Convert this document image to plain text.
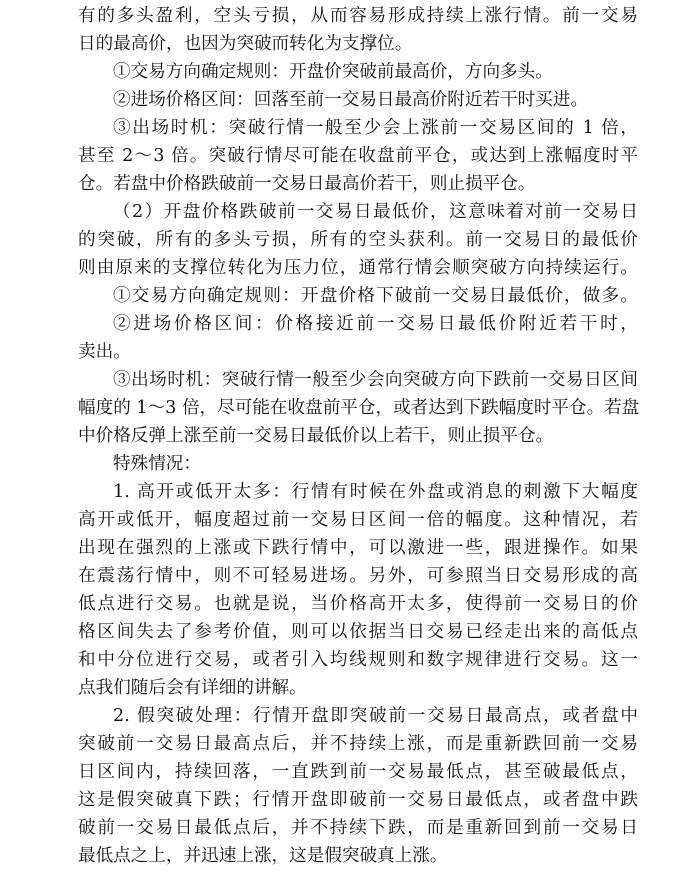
有的多头盈利，空头亏损，从而容易形成持续上涨行情。前一交易
日的最高价，也因为突破而转化为支撑位。
①交易方向确定规则：开盘价突破前最高价，方向多头。
②进场价格区间：回落至前一交易日最高价附近若干时买进。
③出场时机：突破行情一般至少会上涨前一交易区间的 1 倍，
甚至 2～3 倍。突破行情尽可能在收盘前平仓，或达到上涨幅度时平
仓。若盘中价格跌破前一交易日最高价若干，则止损平仓。
（2）开盘价格跌破前一交易日最低价，这意味着对前一交易日
的突破，所有的多头亏损，所有的空头获利。前一交易日的最低价
则由原来的支撑位转化为压力位，通常行情会顺突破方向持续运行。
①交易方向确定规则：开盘价格下破前一交易日最低价，做多。
②进场价格区间：价格接近前一交易日最低价附近若干时，
卖出。
③出场时机：突破行情一般至少会向突破方向下跌前一交易日区间
幅度的 1～3 倍，尽可能在收盘前平仓，或者达到下跌幅度时平仓。若盘
中价格反弹上涨至前一交易日最低价以上若干，则止损平仓。
特殊情况：
1. 高开或低开太多：行情有时候在外盘或消息的刺激下大幅度
高开或低开，幅度超过前一交易日区间一倍的幅度。这种情况，若
出现在强烈的上涨或下跌行情中，可以激进一些，跟进操作。如果
在震荡行情中，则不可轻易进场。另外，可参照当日交易形成的高
低点进行交易。也就是说，当价格高开太多，使得前一交易日的价
格区间失去了参考价值，则可以依据当日交易已经走出来的高低点
和中分位进行交易，或者引入均线规则和数字规律进行交易。这一
点我们随后会有详细的讲解。
2. 假突破处理：行情开盘即突破前一交易日最高点，或者盘中
突破前一交易日最高点后，并不持续上涨，而是重新跌回前一交易
日区间内，持续回落，一直跌到前一交易最低点，甚至破最低点，
这是假突破真下跌；行情开盘即破前一交易日最低点，或者盘中跌
破前一交易日最低点后，并不持续下跌，而是重新回到前一交易日
最低点之上，并迅速上涨，这是假突破真上涨。
